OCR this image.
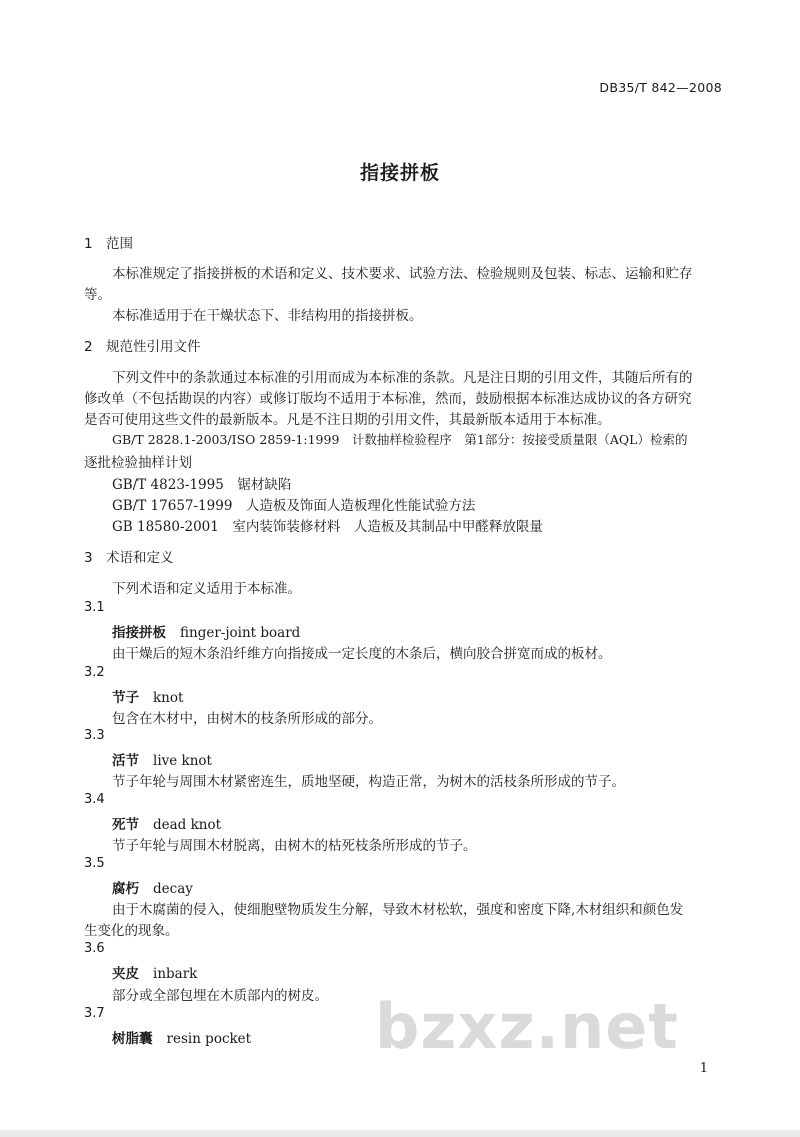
DB35/T 842—2008
指接拼板
1 范围
本标准规定了指接拼板的术语和定义、技术要求、试验方法、检验规则及包装、标志、运输和贮存
等。
本标准适用于在干燥状态下、非结构用的指接拼板。
2 规范性引用文件
下列文件中的条款通过本标准的引用而成为本标准的条款。凡是注日期的引用文件，其随后所有的
修改单（不包括勘误的内容）或修订版均不适用于本标准，然而，鼓励根据本标准达成协议的各方研究
是否可使用这些文件的最新版本。凡是不注日期的引用文件，其最新版本适用于本标准。
GB/T 2828.1-2003/ISO 2859-1:1999　计数抽样检验程序　第1部分：按接受质量限（AQL）检索的
逐批检验抽样计划
GB/T 4823-1995　锯材缺陷
GB/T 17657-1999　人造板及饰面人造板理化性能试验方法
GB 18580-2001　室内装饰装修材料　人造板及其制品中甲醛释放限量
3 术语和定义
下列术语和定义适用于本标准。
3.1
指接拼板 finger-joint board
由干燥后的短木条沿纤维方向指接成一定长度的木条后，横向胶合拼宽而成的板材。
3.2
节子 knot
包含在木材中，由树木的枝条所形成的部分。
3.3
活节 live knot
节子年轮与周围木材紧密连生，质地坚硬，构造正常，为树木的活枝条所形成的节子。
3.4
死节 dead knot
节子年轮与周围木材脱离，由树木的枯死枝条所形成的节子。
3.5
腐朽 decay
由于木腐菌的侵入，使细胞壁物质发生分解，导致木材松软，强度和密度下降,木材组织和颜色发
生变化的现象。
3.6
夹皮 inbark
部分或全部包埋在木质部内的树皮。
3.7
树脂囊 resin pocket bzxz.net
1
